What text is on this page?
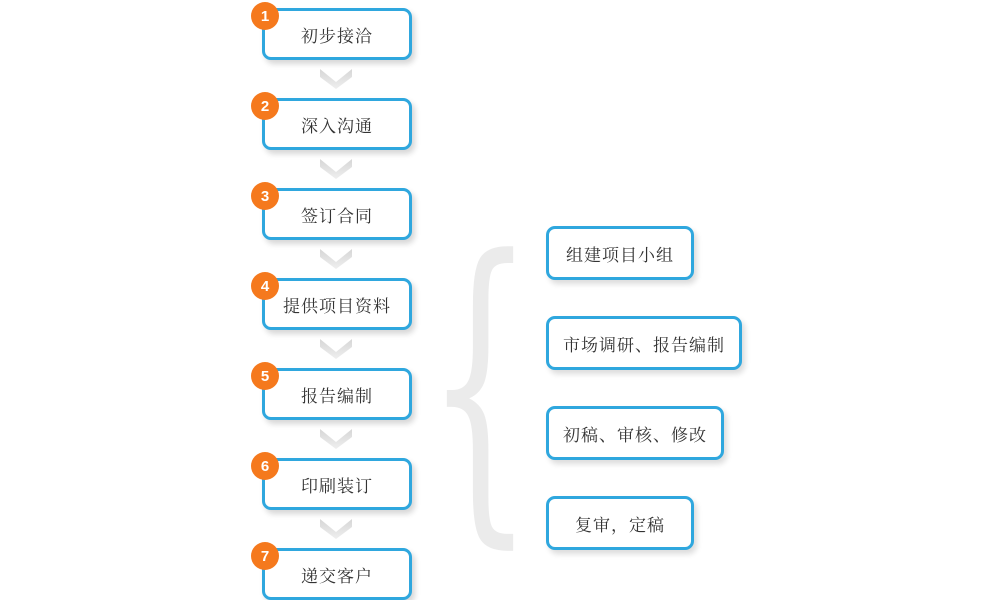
1
初步接洽
2
深入沟通
3
签订合同
4
提供项目资料
5
报告编制
6
印刷装订
7
递交客户
{ 组建项目小组
市场调研、报告编制
初稿、审核、修改
复审，定稿
